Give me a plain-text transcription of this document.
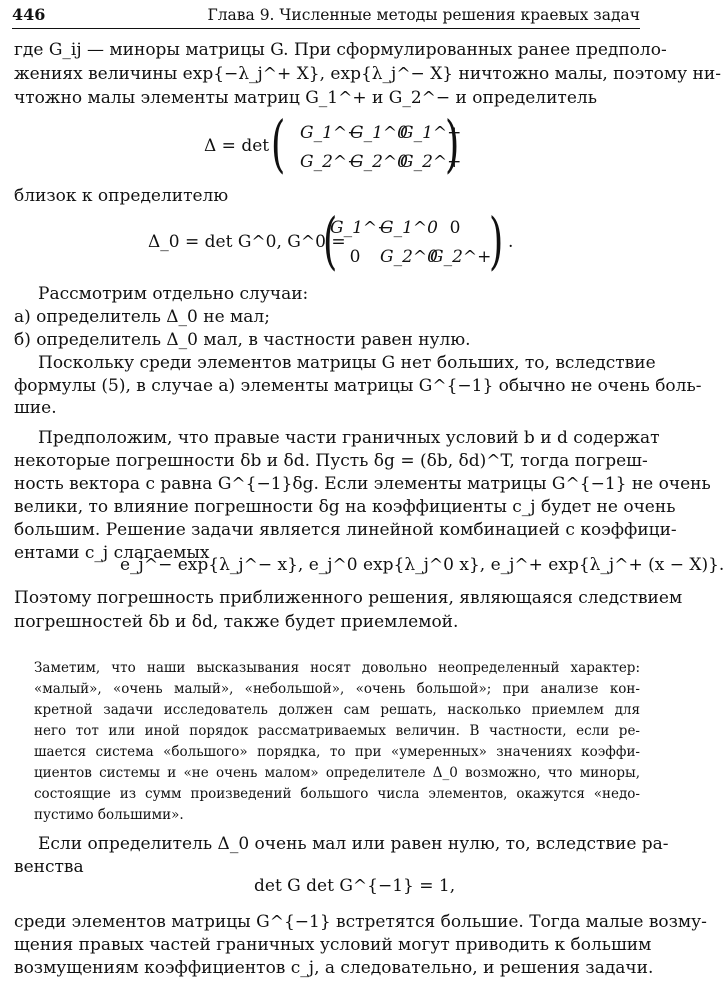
446	Глава 9. Численные методы решения краевых задач
где G_ij — миноры матрицы G. При сформулированных ранее предполо-
жениях величины exp{−λ_j^+ X}, exp{λ_j^− X} ничтожно малы, поэтому ни-
чтожно малы элементы матриц G_1^+ и G_2^− и определитель
Δ = det ( G_1^−
G_1^0
G_1^+
G_2^−
G_2^0
G_2^+
)
близок к определителю
Δ_0 = det G^0, G^0 =
(
G_1^−
G_1^0 0
0	G_2^0
G_2^+
) .
Рассмотрим отдельно случаи:
а) определитель Δ_0 не мал;
б) определитель Δ_0 мал, в частности равен нулю.
Поскольку среди элементов матрицы G нет больших, то, вследствие
формулы (5), в случае а) элементы матрицы G^{−1} обычно не очень боль-
шие.
Предположим, что правые части граничных условий b и d содержат
некоторые погрешности δb и δd. Пусть δg = (δb, δd)^T, тогда погреш-
ность вектора c равна G^{−1}δg. Если элементы матрицы G^{−1} не очень
велики, то влияние погрешности δg на коэффициенты c_j будет не очень
большим. Решение задачи является линейной комбинацией с коэффици-
ентами c_j слагаемых
e_j^− exp{λ_j^− x}, e_j^0 exp{λ_j^0 x}, e_j^+ exp{λ_j^+ (x − X)}.
Поэтому погрешность приближенного решения, являющаяся следствием
погрешностей δb и δd, также будет приемлемой.
Заметим, что наши высказывания носят довольно неопределенный характер:
«малый», «очень малый», «небольшой», «очень большой»; при анализе кон-
кретной задачи исследователь должен сам решать, насколько приемлем для
него тот или иной порядок рассматриваемых величин. В частности, если ре-
шается система «большого» порядка, то при «умеренных» значениях коэффи-
циентов системы и «не очень малом» определителе Δ_0 возможно, что миноры,
состоящие из сумм произведений большого числа элементов, окажутся «недо-
пустимо большими».
Если определитель Δ_0 очень мал или равен нулю, то, вследствие ра-
венства
det G det G^{−1} = 1,
среди элементов матрицы G^{−1} встретятся большие. Тогда малые возму-
щения правых частей граничных условий могут приводить к большим
возмущениям коэффициентов c_j, а следовательно, и решения задачи.
